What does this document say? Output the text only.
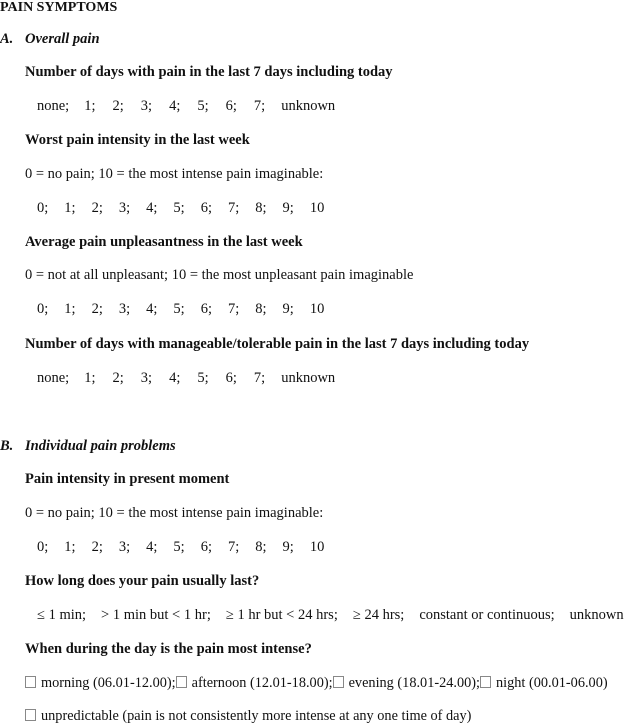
PAIN SYMPTOMS
A. Overall pain
Number of days with pain in the last 7 days including today
none; 1; 2; 3; 4; 5; 6; 7; unknown
Worst pain intensity in the last week
0 = no pain; 10 = the most intense pain imaginable:
0; 1; 2; 3; 4; 5; 6; 7; 8; 9; 10
Average pain unpleasantness in the last week
0 = not at all unpleasant; 10 = the most unpleasant pain imaginable
0; 1; 2; 3; 4; 5; 6; 7; 8; 9; 10
Number of days with manageable/tolerable pain in the last 7 days including today
none; 1; 2; 3; 4; 5; 6; 7; unknown
B. Individual pain problems
Pain intensity in present moment
0 = no pain; 10 = the most intense pain imaginable:
0; 1; 2; 3; 4; 5; 6; 7; 8; 9; 10
How long does your pain usually last?
≤ 1 min; > 1 min but < 1 hr; ≥ 1 hr but < 24 hrs; ≥ 24 hrs; constant or continuous; unknown
When during the day is the pain most intense?
morning (06.01-12.00); afternoon (12.01-18.00); evening (18.01-24.00); night (00.01-06.00)
unpredictable (pain is not consistently more intense at any one time of day)
